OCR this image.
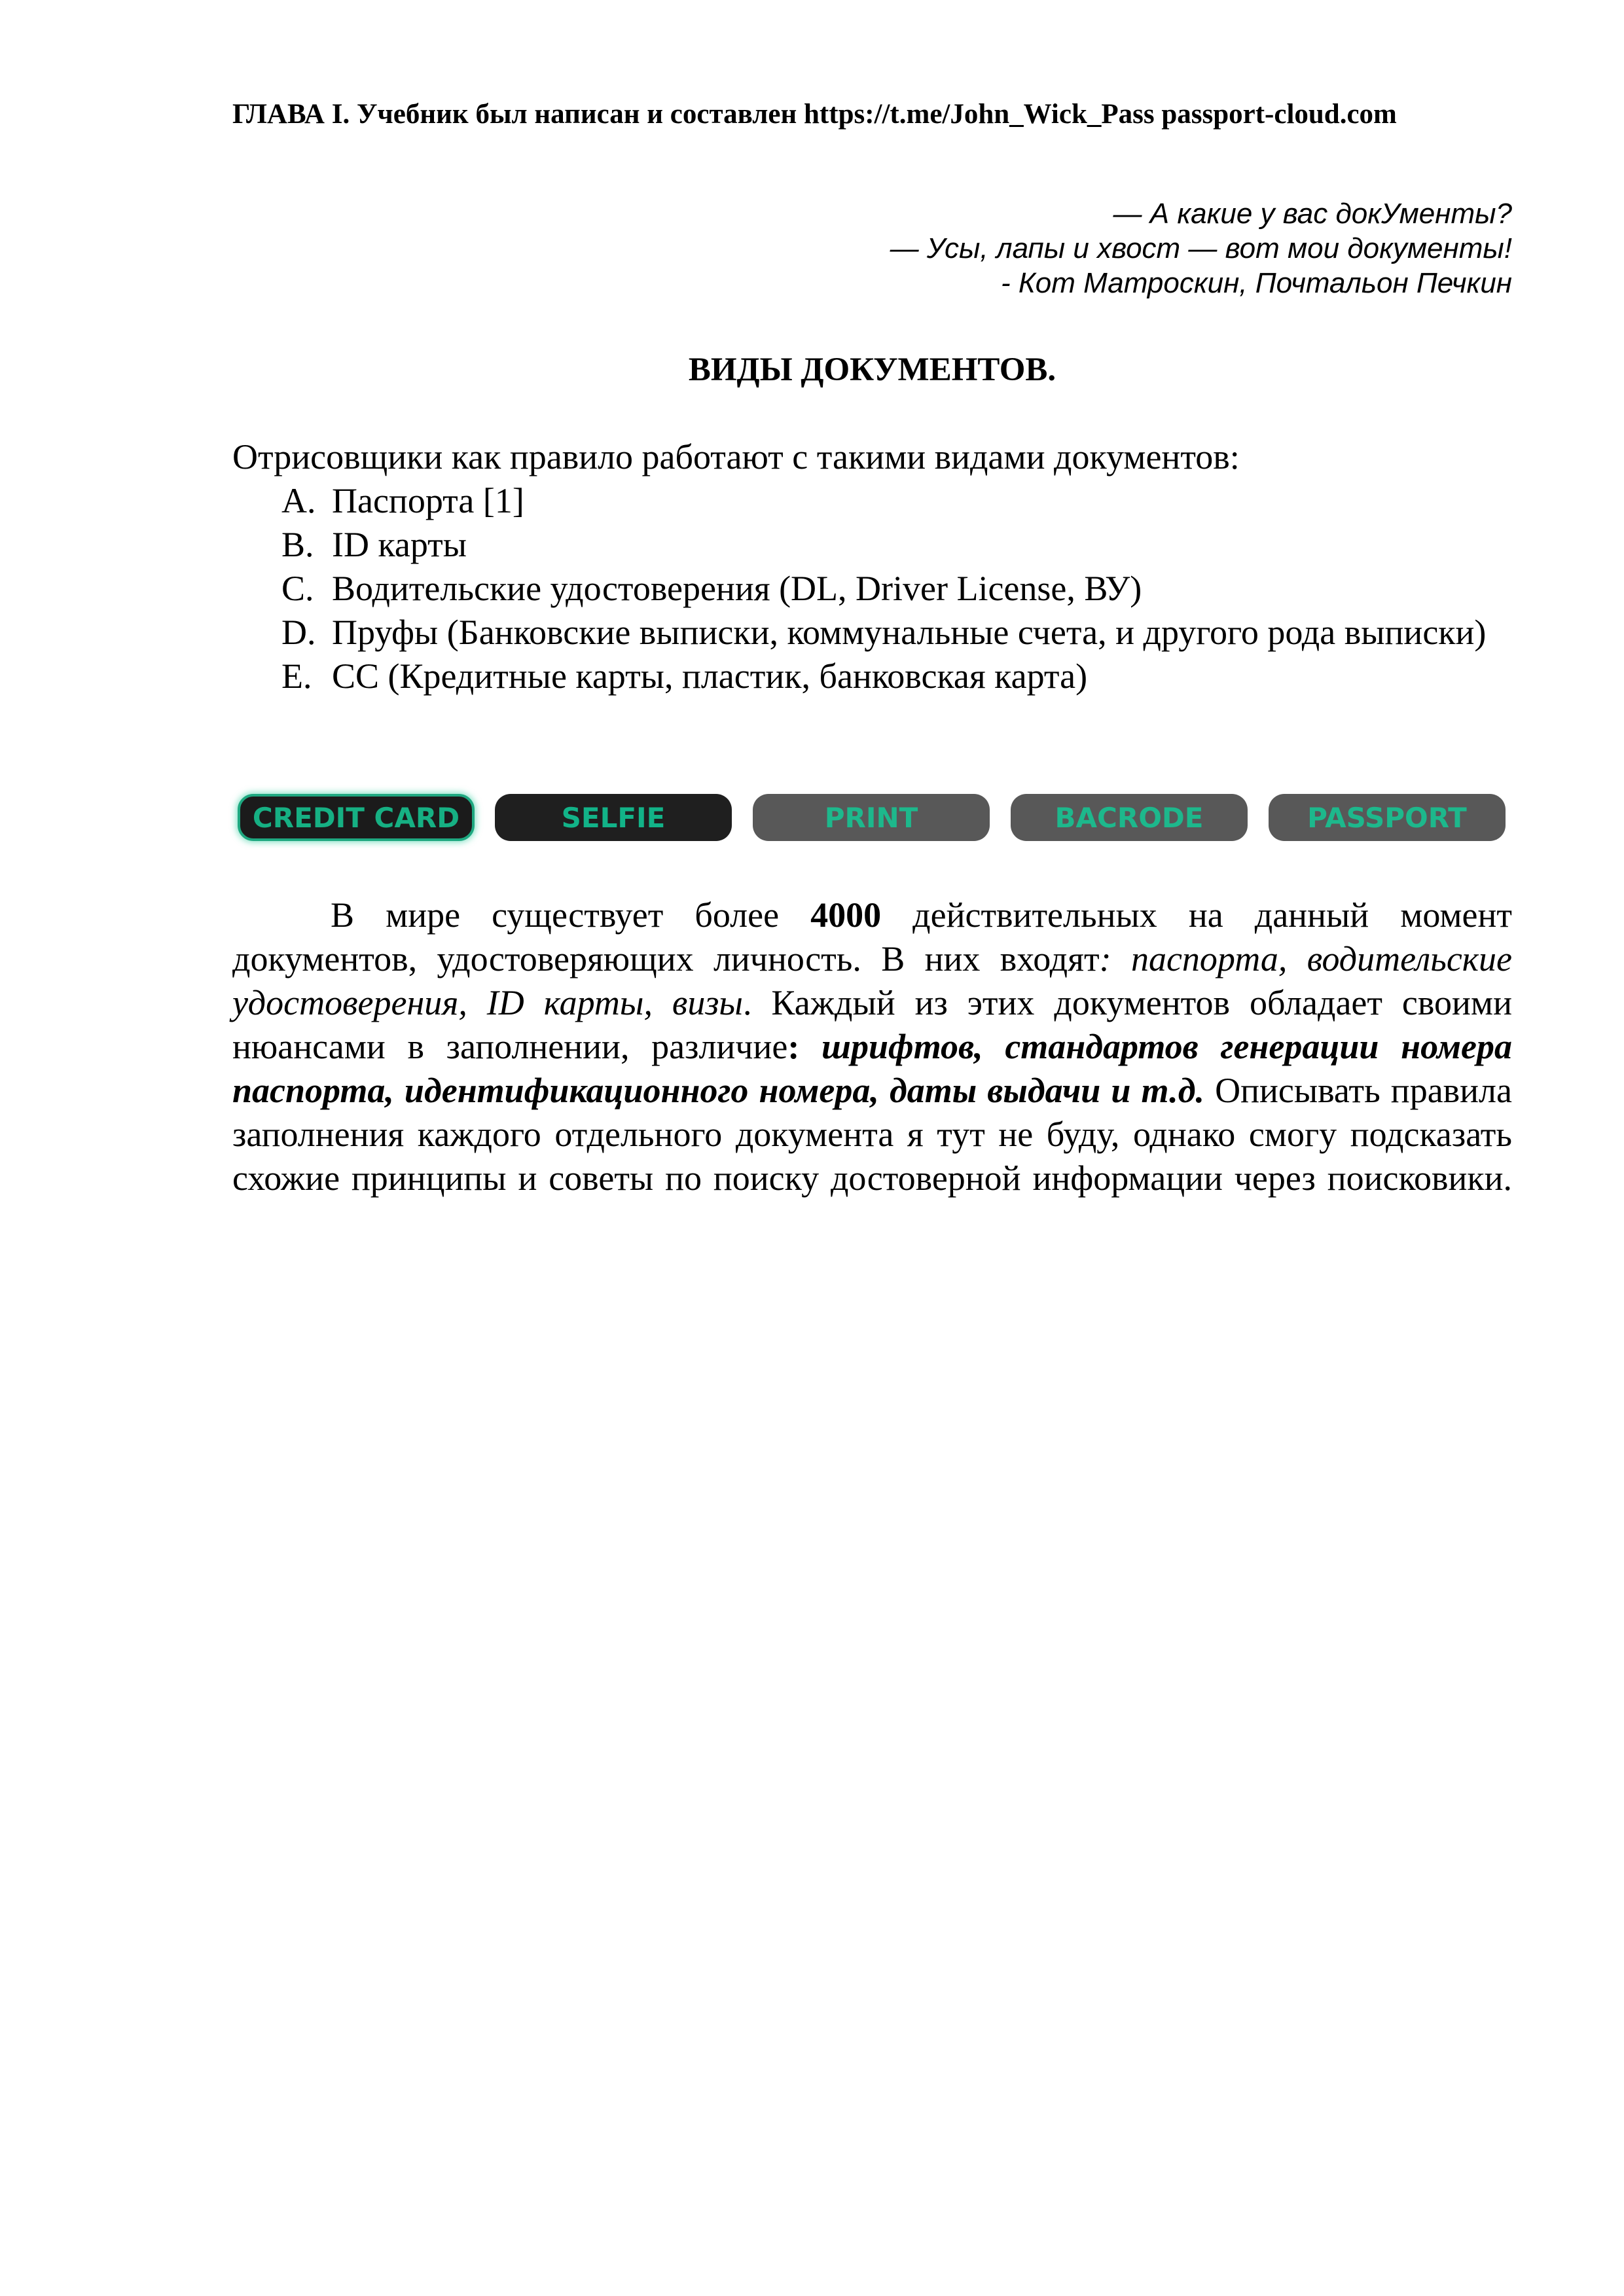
ГЛАВА I. Учебник был написан и составлен https://t.me/John_Wick_Pass passport-cloud.com
— А какие у вас докУменты?
— Усы, лапы и хвост — вот мои документы!
- Кот Матроскин, Почтальон Печкин
ВИДЫ ДОКУМЕНТОВ.
Отрисовщики как правило работают с такими видами документов:
A. Паспорта [1]
B. ID карты
C. Водительские удостоверения (DL, Driver License, ВУ)
D. Пруфы (Банковские выписки, коммунальные счета, и другого рода выписки)
E. CC (Кредитные карты, пластик, банковская карта)
CREDIT CARD	SELFIE	PRINT	BACRODE	PASSPORT

В мире существует более 4000 действительных на данный момент документов, удостоверяющих личность. В них входят: паспорта, водительские удостоверения, ID карты, визы. Каждый из этих документов обладает своими нюансами в заполнении, различие: шрифтов, стандартов генерации номера паспорта, идентификационного номера, даты выдачи и т.д. Описывать правила заполнения каждого отдельного документа я тут не буду, однако смогу подсказать схожие принципы и советы по поиску достоверной информации через поисковики.
